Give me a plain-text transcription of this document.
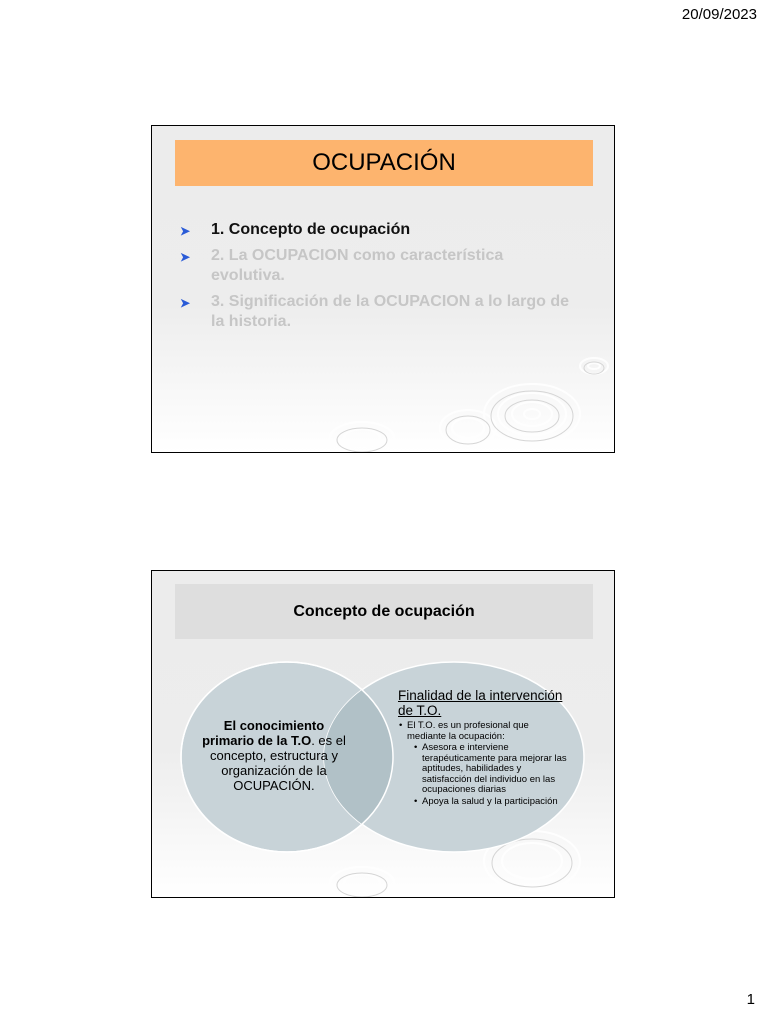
20/09/2023
OCUPACIÓN
➤ 1. Concepto de ocupación
➤ 2. La OCUPACION como característica evolutiva.
➤ 3. Significación de la OCUPACION a lo largo de la historia.
Concepto de ocupación
El conocimiento primario de la T.O. es el concepto, estructura y organización de la OCUPACIÓN.
Finalidad de la intervención de T.O.
• El T.O. es un profesional que mediante la ocupación:
• Asesora e interviene terapéuticamente para mejorar las aptitudes, habilidades y satisfacción del individuo en las ocupaciones diarias
• Apoya la salud y la participación
1
